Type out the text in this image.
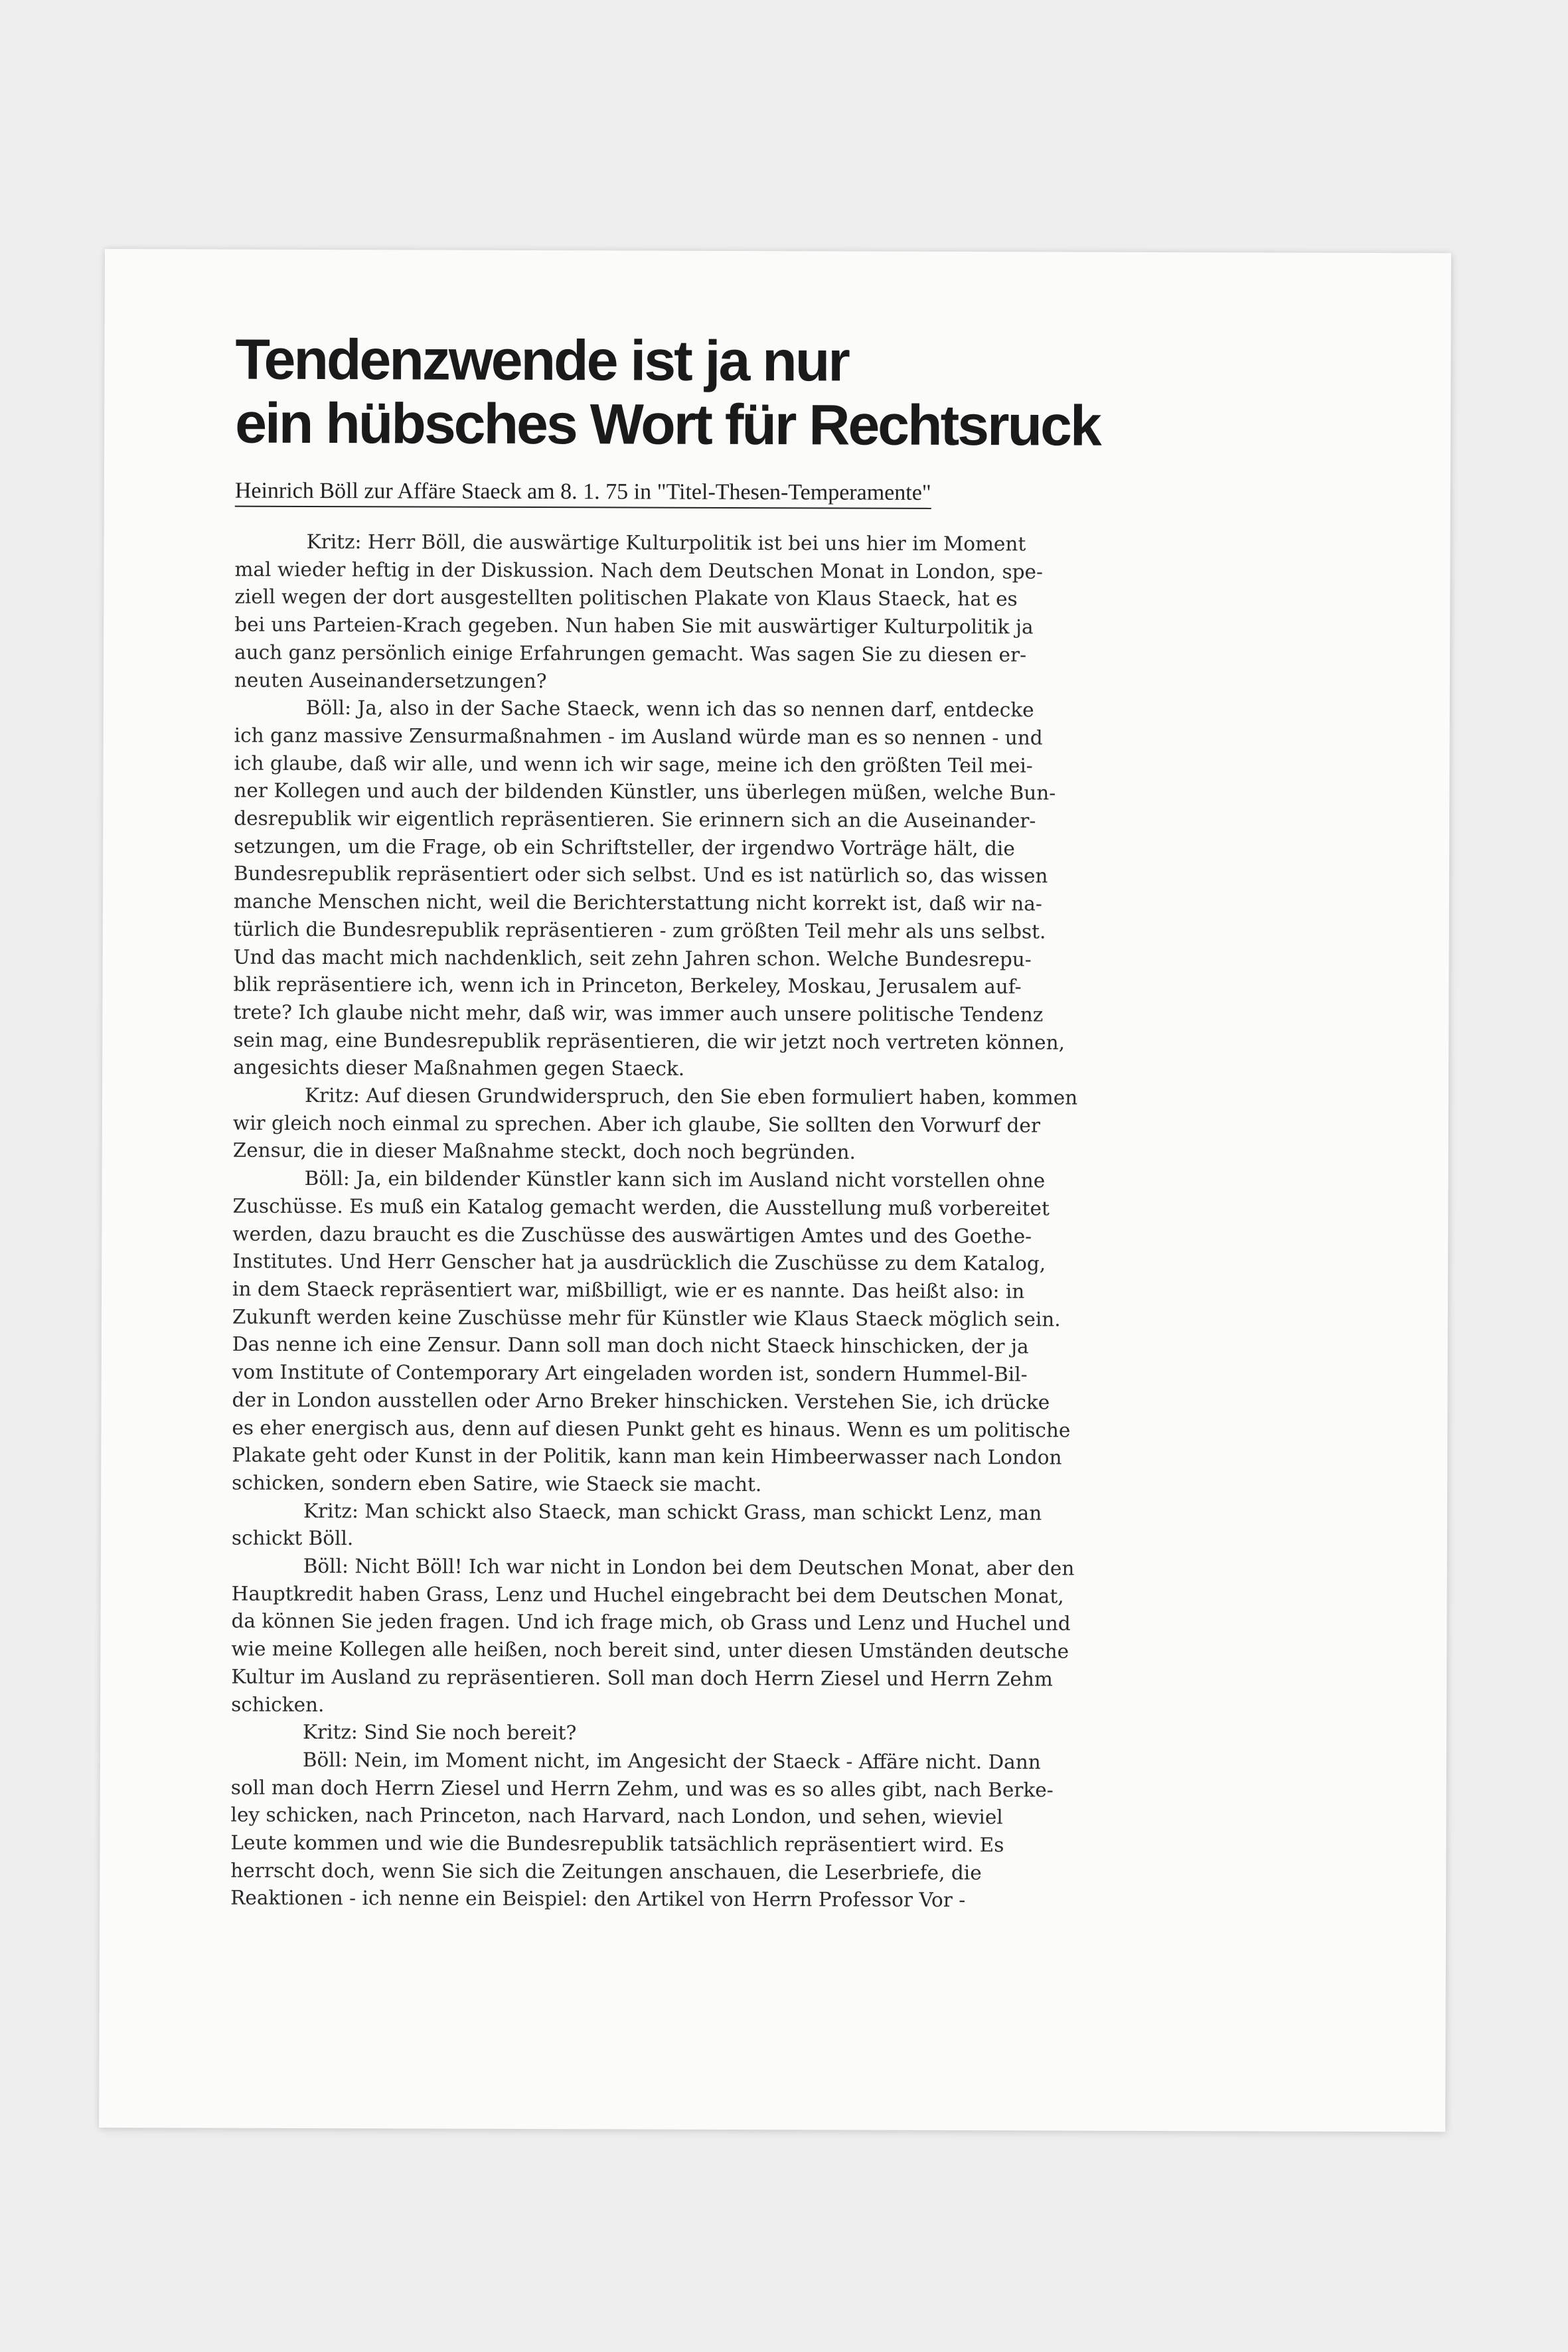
Tendenzwende ist ja nur
ein hübsches Wort für Rechtsruck
Heinrich Böll zur Affäre Staeck am 8. 1. 75 in "Titel-Thesen-Temperamente"
Kritz: Herr Böll, die auswärtige Kulturpolitik ist bei uns hier im Moment
mal wieder heftig in der Diskussion. Nach dem Deutschen Monat in London, spe-
ziell wegen der dort ausgestellten politischen Plakate von Klaus Staeck, hat es
bei uns Parteien-Krach gegeben. Nun haben Sie mit auswärtiger Kulturpolitik ja
auch ganz persönlich einige Erfahrungen gemacht. Was sagen Sie zu diesen er-
neuten Auseinandersetzungen?
Böll: Ja, also in der Sache Staeck, wenn ich das so nennen darf, entdecke
ich ganz massive Zensurmaßnahmen - im Ausland würde man es so nennen - und
ich glaube, daß wir alle, und wenn ich wir sage, meine ich den größten Teil mei-
ner Kollegen und auch der bildenden Künstler, uns überlegen müßen, welche Bun-
desrepublik wir eigentlich repräsentieren. Sie erinnern sich an die Auseinander-
setzungen, um die Frage, ob ein Schriftsteller, der irgendwo Vorträge hält, die
Bundesrepublik repräsentiert oder sich selbst. Und es ist natürlich so, das wissen
manche Menschen nicht, weil die Berichterstattung nicht korrekt ist, daß wir na-
türlich die Bundesrepublik repräsentieren - zum größten Teil mehr als uns selbst.
Und das macht mich nachdenklich, seit zehn Jahren schon. Welche Bundesrepu-
blik repräsentiere ich, wenn ich in Princeton, Berkeley, Moskau, Jerusalem auf-
trete? Ich glaube nicht mehr, daß wir, was immer auch unsere politische Tendenz
sein mag, eine Bundesrepublik repräsentieren, die wir jetzt noch vertreten können,
angesichts dieser Maßnahmen gegen Staeck.
Kritz: Auf diesen Grundwiderspruch, den Sie eben formuliert haben, kommen
wir gleich noch einmal zu sprechen. Aber ich glaube, Sie sollten den Vorwurf der
Zensur, die in dieser Maßnahme steckt, doch noch begründen.
Böll: Ja, ein bildender Künstler kann sich im Ausland nicht vorstellen ohne
Zuschüsse. Es muß ein Katalog gemacht werden, die Ausstellung muß vorbereitet
werden, dazu braucht es die Zuschüsse des auswärtigen Amtes und des Goethe-
Institutes. Und Herr Genscher hat ja ausdrücklich die Zuschüsse zu dem Katalog,
in dem Staeck repräsentiert war, mißbilligt, wie er es nannte. Das heißt also: in
Zukunft werden keine Zuschüsse mehr für Künstler wie Klaus Staeck möglich sein.
Das nenne ich eine Zensur. Dann soll man doch nicht Staeck hinschicken, der ja
vom Institute of Contemporary Art eingeladen worden ist, sondern Hummel-Bil-
der in London ausstellen oder Arno Breker hinschicken. Verstehen Sie, ich drücke
es eher energisch aus, denn auf diesen Punkt geht es hinaus. Wenn es um politische
Plakate geht oder Kunst in der Politik, kann man kein Himbeerwasser nach London
schicken, sondern eben Satire, wie Staeck sie macht.
Kritz: Man schickt also Staeck, man schickt Grass, man schickt Lenz, man
schickt Böll.
Böll: Nicht Böll! Ich war nicht in London bei dem Deutschen Monat, aber den
Hauptkredit haben Grass, Lenz und Huchel eingebracht bei dem Deutschen Monat,
da können Sie jeden fragen. Und ich frage mich, ob Grass und Lenz und Huchel und
wie meine Kollegen alle heißen, noch bereit sind, unter diesen Umständen deutsche
Kultur im Ausland zu repräsentieren. Soll man doch Herrn Ziesel und Herrn Zehm
schicken.
Kritz: Sind Sie noch bereit?
Böll: Nein, im Moment nicht, im Angesicht der Staeck - Affäre nicht. Dann
soll man doch Herrn Ziesel und Herrn Zehm, und was es so alles gibt, nach Berke-
ley schicken, nach Princeton, nach Harvard, nach London, und sehen, wieviel
Leute kommen und wie die Bundesrepublik tatsächlich repräsentiert wird. Es
herrscht doch, wenn Sie sich die Zeitungen anschauen, die Leserbriefe, die
Reaktionen - ich nenne ein Beispiel: den Artikel von Herrn Professor Vor -
